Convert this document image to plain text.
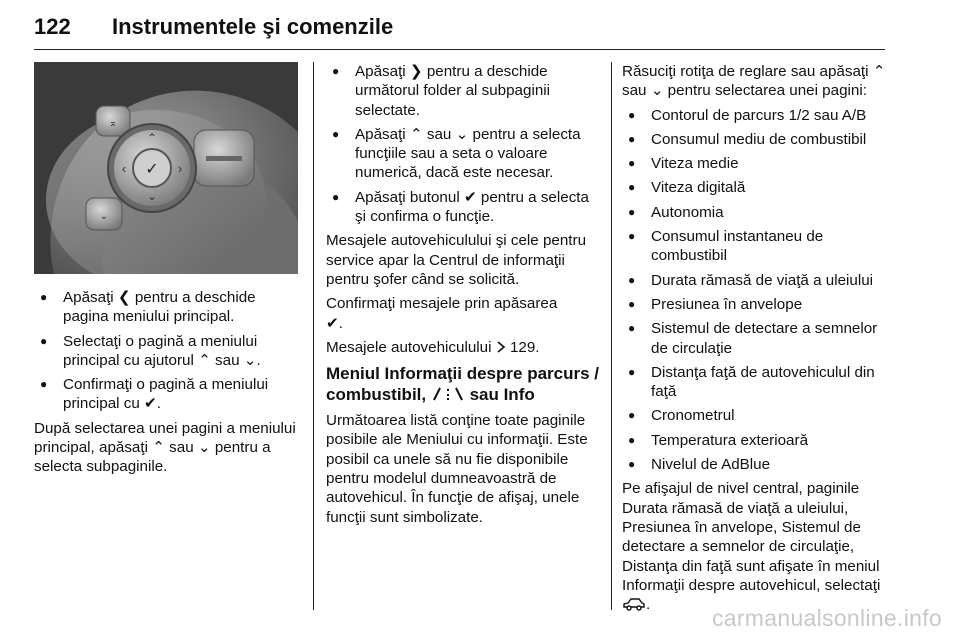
122 Instrumentele şi comenzile
⌅
⌄
✓
⌃
⌄
‹	›
● Apăsaţi ❮ pentru a deschide pagina meniului principal.
● Selectaţi o pagină a meniului principal cu ajutorul ⌃ sau ⌄.
● Confirmaţi o pagină a meniului principal cu ✔.

După selectarea unei pagini a meniului principal, apăsaţi ⌃ sau ⌄ pentru a selecta subpaginile.

● Apăsaţi ❯ pentru a deschide următorul folder al subpaginii selectate.
● Apăsaţi ⌃ sau ⌄ pentru a selecta funcţiile sau a seta o valoare numerică, dacă este necesar.
● Apăsaţi butonul ✔ pentru a selecta şi confirma o funcţie.

Mesajele autovehiculului şi cele pentru service apar la Centrul de informaţii pentru şofer când se solicită.

Confirmaţi mesajele prin apăsarea
✔.

Mesajele autovehiculului  129.

Meniul Informaţii despre parcurs / combustibil,  sau Info

Următoarea listă conţine toate paginile posibile ale Meniului cu informaţii. Este posibil ca unele să nu fie disponibile pentru modelul dumneavoastră de autovehicul. În funcţie de afişaj, unele funcţii sunt simbolizate.

Răsuciţi rotiţa de reglare sau apăsaţi ⌃ sau ⌄ pentru selectarea unei pagini:

● Contorul de parcurs 1/2 sau A/B
● Consumul mediu de combustibil
● Viteza medie
● Viteza digitală
● Autonomia
● Consumul instantaneu de combustibil
● Durata rămasă de viaţă a uleiului
● Presiunea în anvelope
● Sistemul de detectare a semnelor de circulaţie
● Distanţa faţă de autovehiculul din faţă
● Cronometrul
● Temperatura exterioară
● Nivelul de AdBlue

Pe afişajul de nivel central, paginile Durata rămasă de viaţă a uleiului, Presiunea în anvelope, Sistemul de detectare a semnelor de circulaţie, Distanţa din faţă sunt afişate în meniul Informaţii despre autovehicul, selectaţi .

carmanualsonline.info
